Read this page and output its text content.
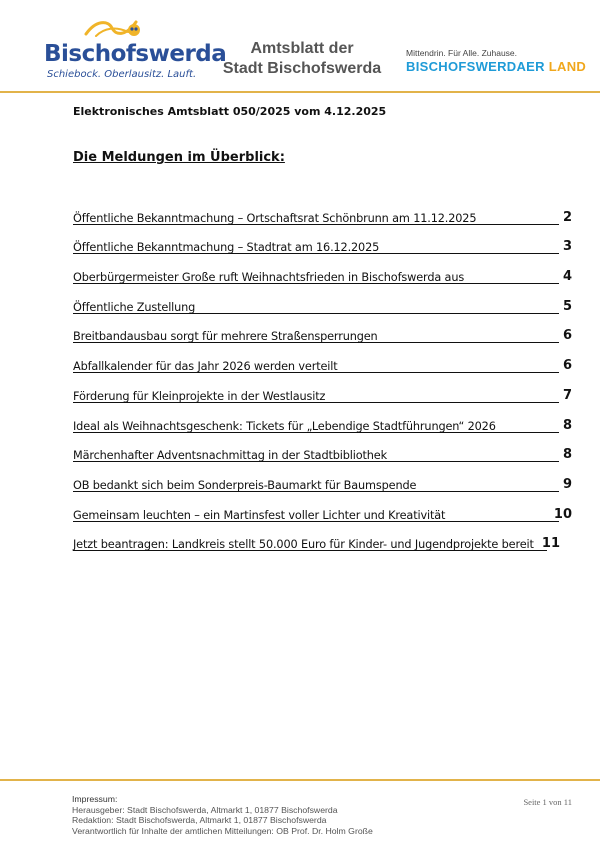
Bischofswerda
Schiebock. Oberlausitz. Lauft.
Amtsblatt der
Stadt Bischofswerda
Mittendrin. Für Alle. Zuhause.
BISCHOFSWERDAER LAND
Elektronisches Amtsblatt 050/2025 vom 4.12.2025
Die Meldungen im Überblick:
Öffentliche Bekanntmachung – Ortschaftsrat Schönbrunn am 11.12.2025	2
Öffentliche Bekanntmachung – Stadtrat am 16.12.2025	3
Oberbürgermeister Große ruft Weihnachtsfrieden in Bischofswerda aus	4
Öffentliche Zustellung	5
Breitbandausbau sorgt für mehrere Straßensperrungen	6
Abfallkalender für das Jahr 2026 werden verteilt	6
Förderung für Kleinprojekte in der Westlausitz	7
Ideal als Weihnachtsgeschenk: Tickets für „Lebendige Stadtführungen“ 2026	8
Märchenhafter Adventsnachmittag in der Stadtbibliothek	8
OB bedankt sich beim Sonderpreis-Baumarkt für Baumspende	9
Gemeinsam leuchten – ein Martinsfest voller Lichter und Kreativität	10
Jetzt beantragen: Landkreis stellt 50.000 Euro für Kinder- und Jugendprojekte bereit 11
Impressum:
Herausgeber: Stadt Bischofswerda, Altmarkt 1, 01877 Bischofswerda
Redaktion: Stadt Bischofswerda, Altmarkt 1, 01877 Bischofswerda
Verantwortlich für Inhalte der amtlichen Mitteilungen: OB Prof. Dr. Holm Große
Seite 1 von 11
